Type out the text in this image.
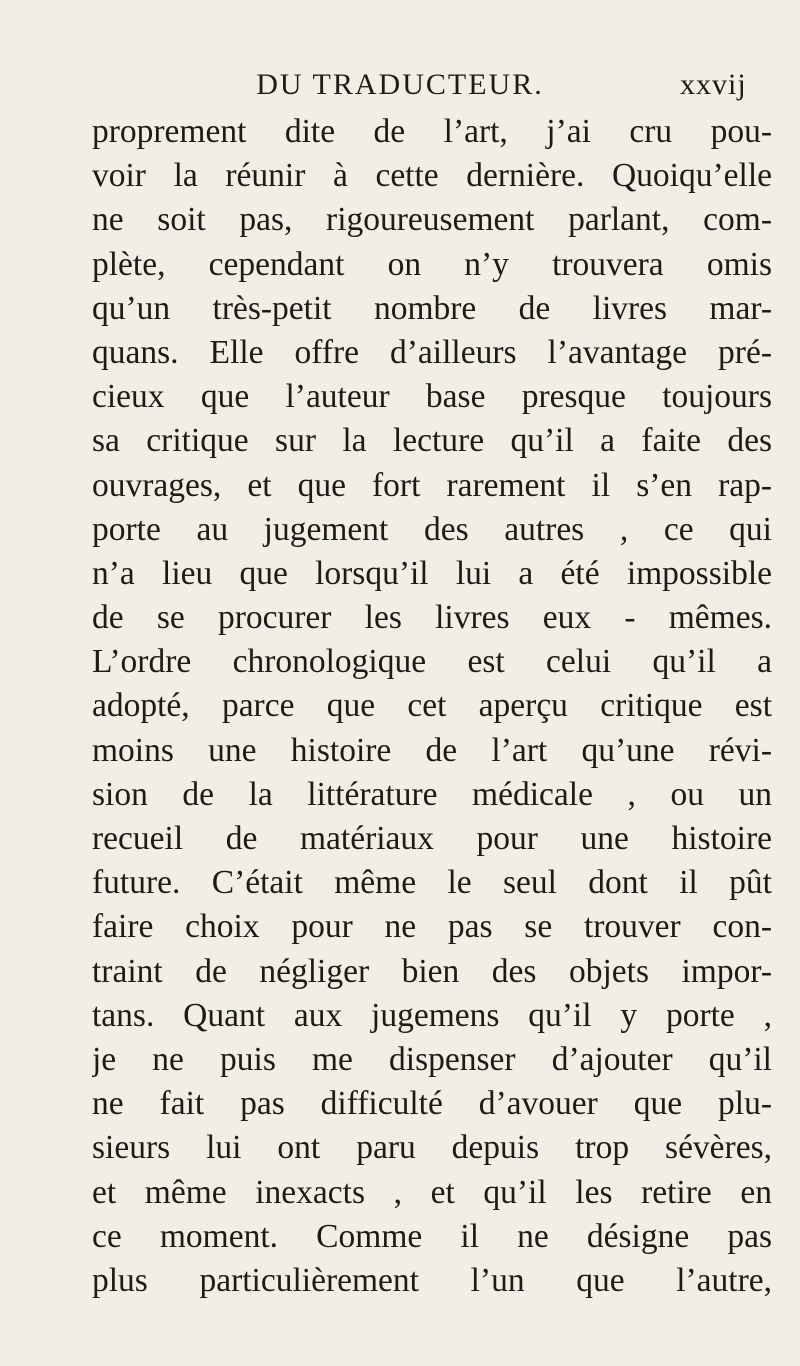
DU TRADUCTEUR.	xxvij
proprement dite de l’art, j’ai cru pou-
voir la réunir à cette dernière. Quoiqu’elle
ne soit pas, rigoureusement parlant, com-
plète, cependant on n’y trouvera omis
qu’un très-petit nombre de livres mar-
quans. Elle offre d’ailleurs l’avantage pré-
cieux que l’auteur base presque toujours
sa critique sur la lecture qu’il a faite des
ouvrages, et que fort rarement il s’en rap-
porte au jugement des autres , ce qui
n’a lieu que lorsqu’il lui a été impossible
de se procurer les livres eux - mêmes.
L’ordre chronologique est celui qu’il a
adopté, parce que cet aperçu critique est
moins une histoire de l’art qu’une révi-
sion de la littérature médicale , ou un
recueil de matériaux pour une histoire
future. C’était même le seul dont il pût
faire choix pour ne pas se trouver con-
traint de négliger bien des objets impor-
tans. Quant aux jugemens qu’il y porte ,
je ne puis me dispenser d’ajouter qu’il
ne fait pas difficulté d’avouer que plu-
sieurs lui ont paru depuis trop sévères,
et même inexacts , et qu’il les retire en
ce moment. Comme il ne désigne pas
plus particulièrement l’un que l’autre,
